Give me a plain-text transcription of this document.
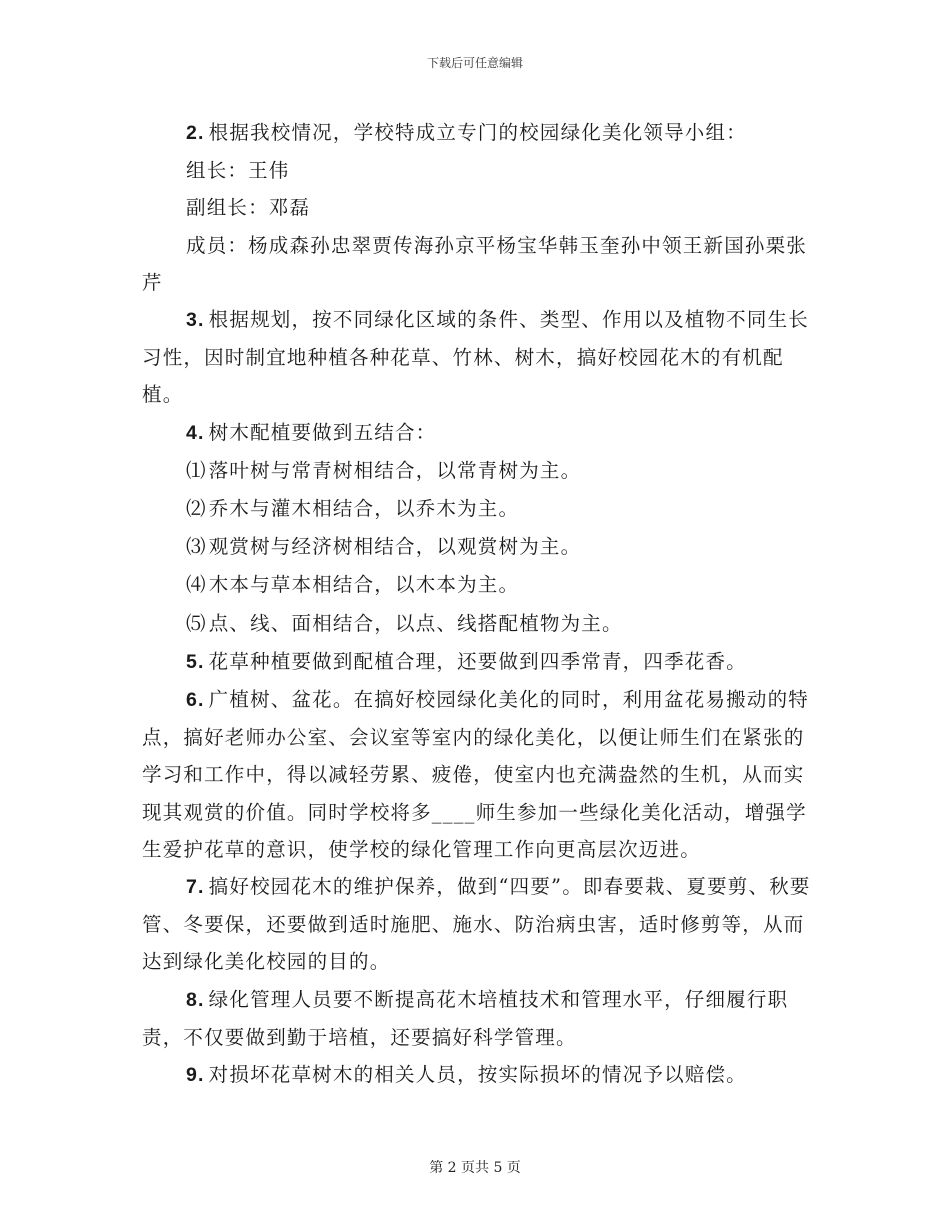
下载后可任意编辑

2. 根据我校情况，学校特成立专门的校园绿化美化领导小组：

组长：王伟

副组长：邓磊

成员：杨成森孙忠翠贾传海孙京平杨宝华韩玉奎孙中领王新国孙栗张芹

3. 根据规划，按不同绿化区域的条件、类型、作用以及植物不同生长习性，因时制宜地种植各种花草、竹林、树木，搞好校园花木的有机配植。

4. 树木配植要做到五结合：

⑴ 落叶树与常青树相结合，以常青树为主。

⑵ 乔木与灌木相结合，以乔木为主。

⑶ 观赏树与经济树相结合，以观赏树为主。

⑷ 木本与草本相结合，以木本为主。

⑸ 点、线、面相结合，以点、线搭配植物为主。

5. 花草种植要做到配植合理，还要做到四季常青，四季花香。

6. 广植树、盆花。在搞好校园绿化美化的同时，利用盆花易搬动的特点，搞好老师办公室、会议室等室内的绿化美化，以便让师生们在紧张的学习和工作中，得以减轻劳累、疲倦，使室内也充满盎然的生机，从而实现其观赏的价值。同时学校将多____师生参加一些绿化美化活动，增强学生爱护花草的意识，使学校的绿化管理工作向更高层次迈进。

7. 搞好校园花木的维护保养，做到“四要”。即春要栽、夏要剪、秋要管、冬要保，还要做到适时施肥、施水、防治病虫害，适时修剪等，从而达到绿化美化校园的目的。

8. 绿化管理人员要不断提高花木培植技术和管理水平，仔细履行职责，不仅要做到勤于培植，还要搞好科学管理。

9. 对损坏花草树木的相关人员，按实际损坏的情况予以赔偿。

第 2 页共 5 页
